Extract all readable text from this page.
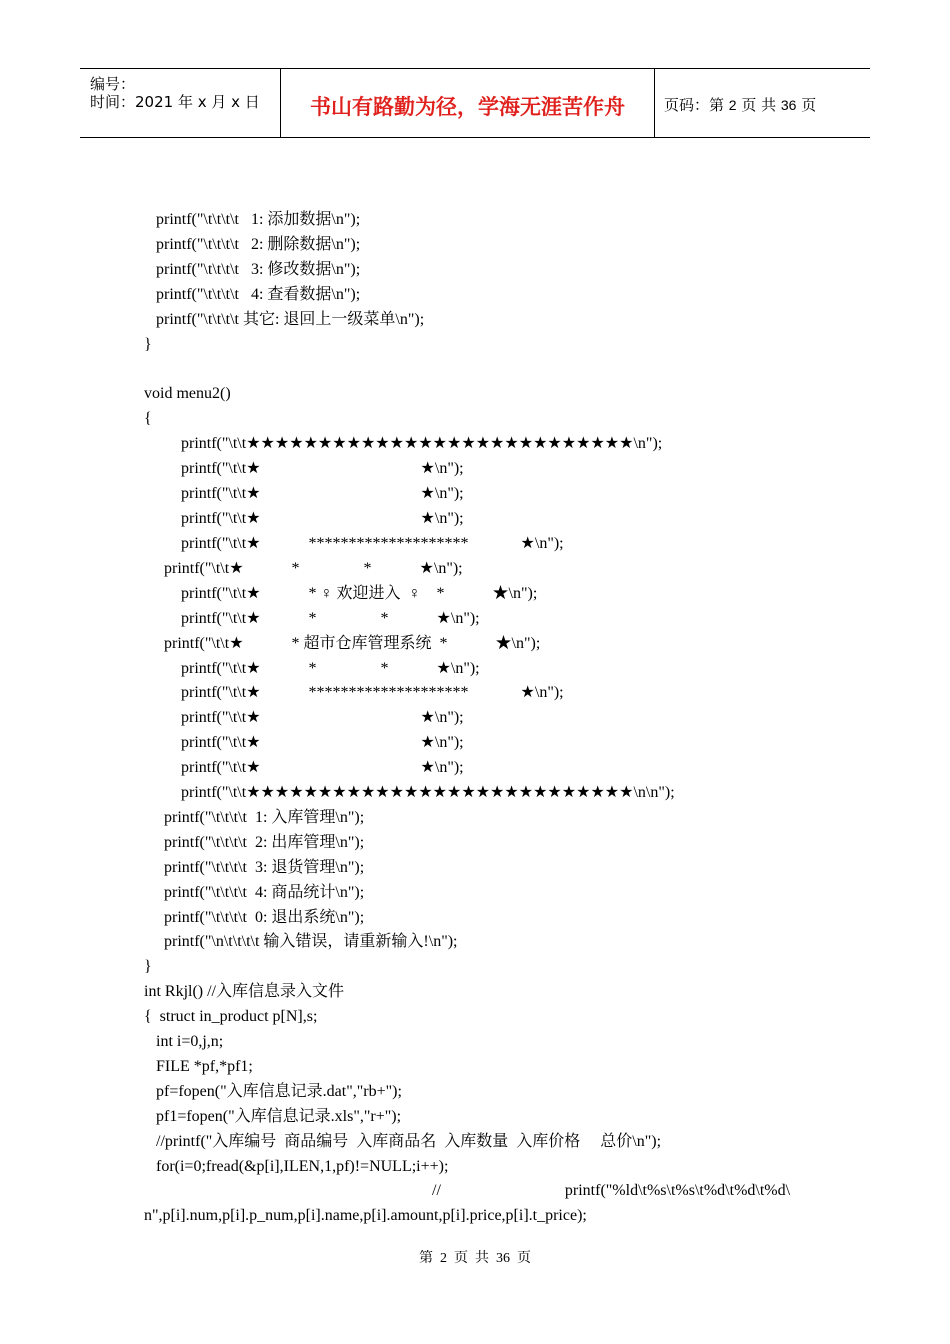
编号：
时间：2021 年 x 月 x 日	书山有路勤为径，学海无涯苦作舟	页码：第 2 页 共 36 页
printf("\t\t\t\t   1: 添加数据\n");
printf("\t\t\t\t   2: 删除数据\n");
printf("\t\t\t\t   3: 修改数据\n");
printf("\t\t\t\t   4: 查看数据\n");
printf("\t\t\t\t 其它: 退回上一级菜单\n");
}
void menu2()
{
printf("\t\t★★★★★★★★★★★★★★★★★★★★★★★★★★★\n");
printf("\t\t★                                        ★\n");
printf("\t\t★                                        ★\n");
printf("\t\t★                                        ★\n");
printf("\t\t★            ********************             ★\n");
printf("\t\t★            *                *            ★\n");
printf("\t\t★            * ♀ 欢迎进入  ♀    *            ★\n");
printf("\t\t★            *                *            ★\n");
printf("\t\t★            * 超市仓库管理系统  *            ★\n");
printf("\t\t★            *                *            ★\n");
printf("\t\t★            ********************             ★\n");
printf("\t\t★                                        ★\n");
printf("\t\t★                                        ★\n");
printf("\t\t★                                        ★\n");
printf("\t\t★★★★★★★★★★★★★★★★★★★★★★★★★★★\n\n");
printf("\t\t\t\t  1: 入库管理\n");
printf("\t\t\t\t  2: 出库管理\n");
printf("\t\t\t\t  3: 退货管理\n");
printf("\t\t\t\t  4: 商品统计\n");
printf("\t\t\t\t  0: 退出系统\n");
printf("\n\t\t\t\t 输入错误，请重新输入!\n");
}
int Rkjl() //入库信息录入文件
{  struct in_product p[N],s;
int i=0,j,n;
FILE *pf,*pf1;
pf=fopen("入库信息记录.dat","rb+");
pf1=fopen("入库信息记录.xls","r+");
//printf("入库编号  商品编号  入库商品名  入库数量  入库价格     总价\n");
for(i=0;fread(&p[i],ILEN,1,pf)!=NULL;i++);
//                               printf("%ld\t%s\t%s\t%d\t%d\t%d\
n",p[i].num,p[i].p_num,p[i].name,p[i].amount,p[i].price,p[i].t_price);
第  2  页  共  36  页
